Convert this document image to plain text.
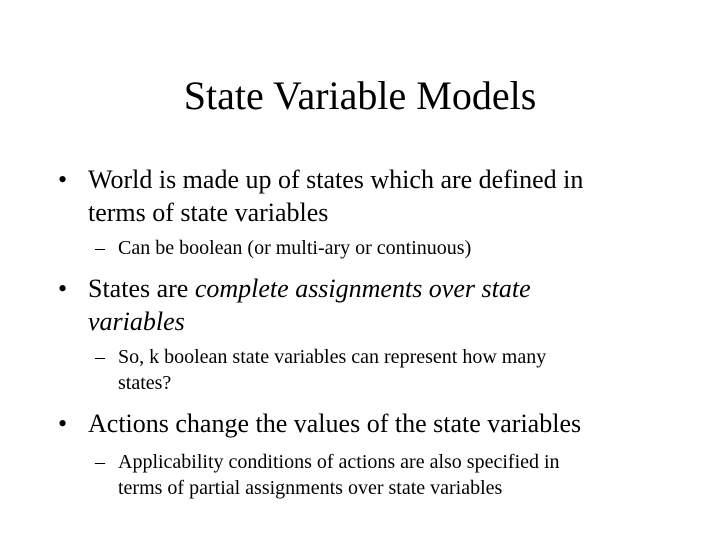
State Variable Models
• World is made up of states which are defined in
terms of state variables
– Can be boolean (or multi-ary or continuous)
• States are complete assignments over state
variables
– So, k boolean state variables can represent how many
states?
• Actions change the values of the state variables
– Applicability conditions of actions are also specified in
terms of partial assignments over state variables
